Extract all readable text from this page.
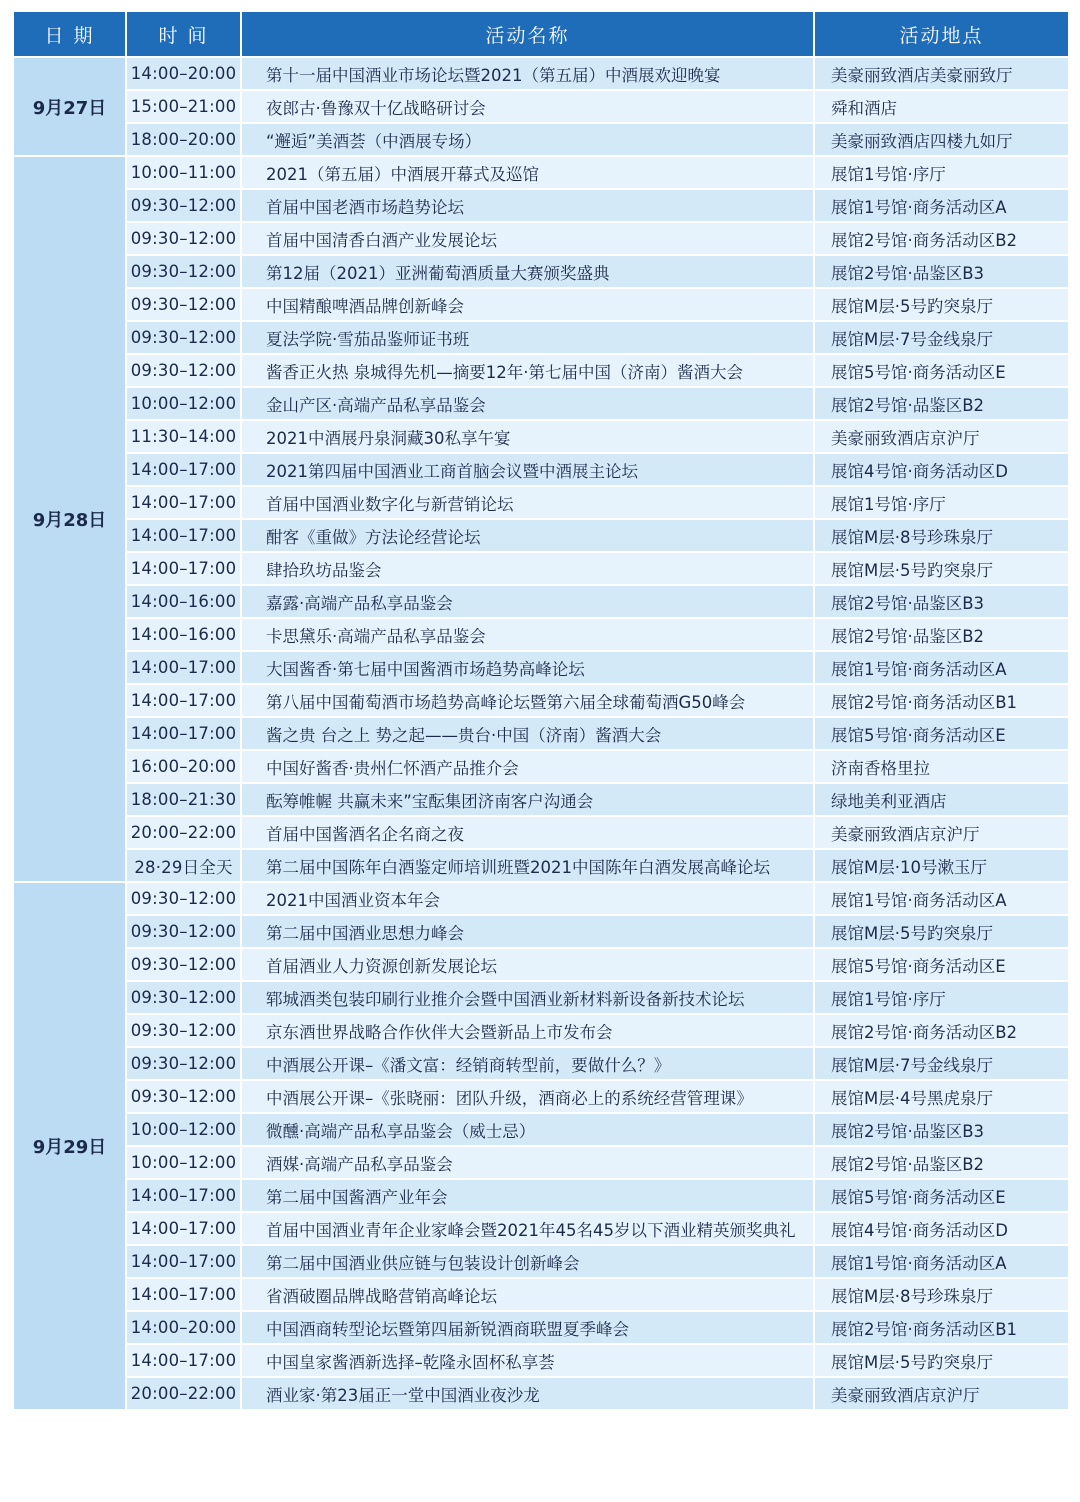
日 期	时 间	活动名称	活动地点
9月27日	14:00–20:00	第十一届中国酒业市场论坛暨2021（第五届）中酒展欢迎晚宴	美豪丽致酒店美豪丽致厅
	15:00–21:00	夜郎古·鲁豫双十亿战略研讨会	舜和酒店
	18:00–20:00	“邂逅”美酒荟（中酒展专场）	美豪丽致酒店四楼九如厅
9月28日	10:00–11:00	2021（第五届）中酒展开幕式及巡馆	展馆1号馆·序厅
	09:30–12:00	首届中国老酒市场趋势论坛	展馆1号馆·商务活动区A
	09:30–12:00	首届中国清香白酒产业发展论坛	展馆2号馆·商务活动区B2
	09:30–12:00	第12届（2021）亚洲葡萄酒质量大赛颁奖盛典	展馆2号馆·品鉴区B3
	09:30–12:00	中国精酿啤酒品牌创新峰会	展馆M层·5号趵突泉厅
	09:30–12:00	夏法学院·雪茄品鉴师证书班	展馆M层·7号金线泉厅
	09:30–12:00	酱香正火热 泉城得先机—摘要12年·第七届中国（济南）酱酒大会	展馆5号馆·商务活动区E
	10:00–12:00	金山产区·高端产品私享品鉴会	展馆2号馆·品鉴区B2
	11:30–14:00	2021中酒展丹泉洞藏30私享午宴	美豪丽致酒店京沪厅
	14:00–17:00	2021第四届中国酒业工商首脑会议暨中酒展主论坛	展馆4号馆·商务活动区D
	14:00–17:00	首届中国酒业数字化与新营销论坛	展馆1号馆·序厅
	14:00–17:00	酣客《重做》方法论经营论坛	展馆M层·8号珍珠泉厅
	14:00–17:00	肆拾玖坊品鉴会	展馆M层·5号趵突泉厅
	14:00–16:00	嘉露·高端产品私享品鉴会	展馆2号馆·品鉴区B3
	14:00–16:00	卡思黛乐·高端产品私享品鉴会	展馆2号馆·品鉴区B2
	14:00–17:00	大国酱香·第七届中国酱酒市场趋势高峰论坛	展馆1号馆·商务活动区A
	14:00–17:00	第八届中国葡萄酒市场趋势高峰论坛暨第六届全球葡萄酒G50峰会	展馆2号馆·商务活动区B1
	14:00–17:00	酱之贵 台之上 势之起——贵台·中国（济南）酱酒大会	展馆5号馆·商务活动区E
	16:00–20:00	中国好酱香·贵州仁怀酒产品推介会	济南香格里拉
	18:00–21:30	酝筹帷幄 共赢未来”宝酝集团济南客户沟通会	绿地美利亚酒店
	20:00–22:00	首届中国酱酒名企名商之夜	美豪丽致酒店京沪厅
	28·29日全天	第二届中国陈年白酒鉴定师培训班暨2021中国陈年白酒发展高峰论坛	展馆M层·10号漱玉厅
9月29日	09:30–12:00	2021中国酒业资本年会	展馆1号馆·商务活动区A
	09:30–12:00	第二届中国酒业思想力峰会	展馆M层·5号趵突泉厅
	09:30–12:00	首届酒业人力资源创新发展论坛	展馆5号馆·商务活动区E
	09:30–12:00	郓城酒类包装印刷行业推介会暨中国酒业新材料新设备新技术论坛	展馆1号馆·序厅
	09:30–12:00	京东酒世界战略合作伙伴大会暨新品上市发布会	展馆2号馆·商务活动区B2
	09:30–12:00	中酒展公开课–《潘文富：经销商转型前，要做什么？》	展馆M层·7号金线泉厅
	09:30–12:00	中酒展公开课–《张晓丽：团队升级，酒商必上的系统经营管理课》	展馆M层·4号黑虎泉厅
	10:00–12:00	微醺·高端产品私享品鉴会（威士忌）	展馆2号馆·品鉴区B3
	10:00–12:00	酒媒·高端产品私享品鉴会	展馆2号馆·品鉴区B2
	14:00–17:00	第二届中国酱酒产业年会	展馆5号馆·商务活动区E
	14:00–17:00	首届中国酒业青年企业家峰会暨2021年45名45岁以下酒业精英颁奖典礼	展馆4号馆·商务活动区D
	14:00–17:00	第二届中国酒业供应链与包装设计创新峰会	展馆1号馆·商务活动区A
	14:00–17:00	省酒破圈品牌战略营销高峰论坛	展馆M层·8号珍珠泉厅
	14:00–20:00	中国酒商转型论坛暨第四届新锐酒商联盟夏季峰会	展馆2号馆·商务活动区B1
	14:00–17:00	中国皇家酱酒新选择–乾隆永固杯私享荟	展馆M层·5号趵突泉厅
	20:00–22:00	酒业家·第23届正一堂中国酒业夜沙龙	美豪丽致酒店京沪厅
PHPCMS.CN
